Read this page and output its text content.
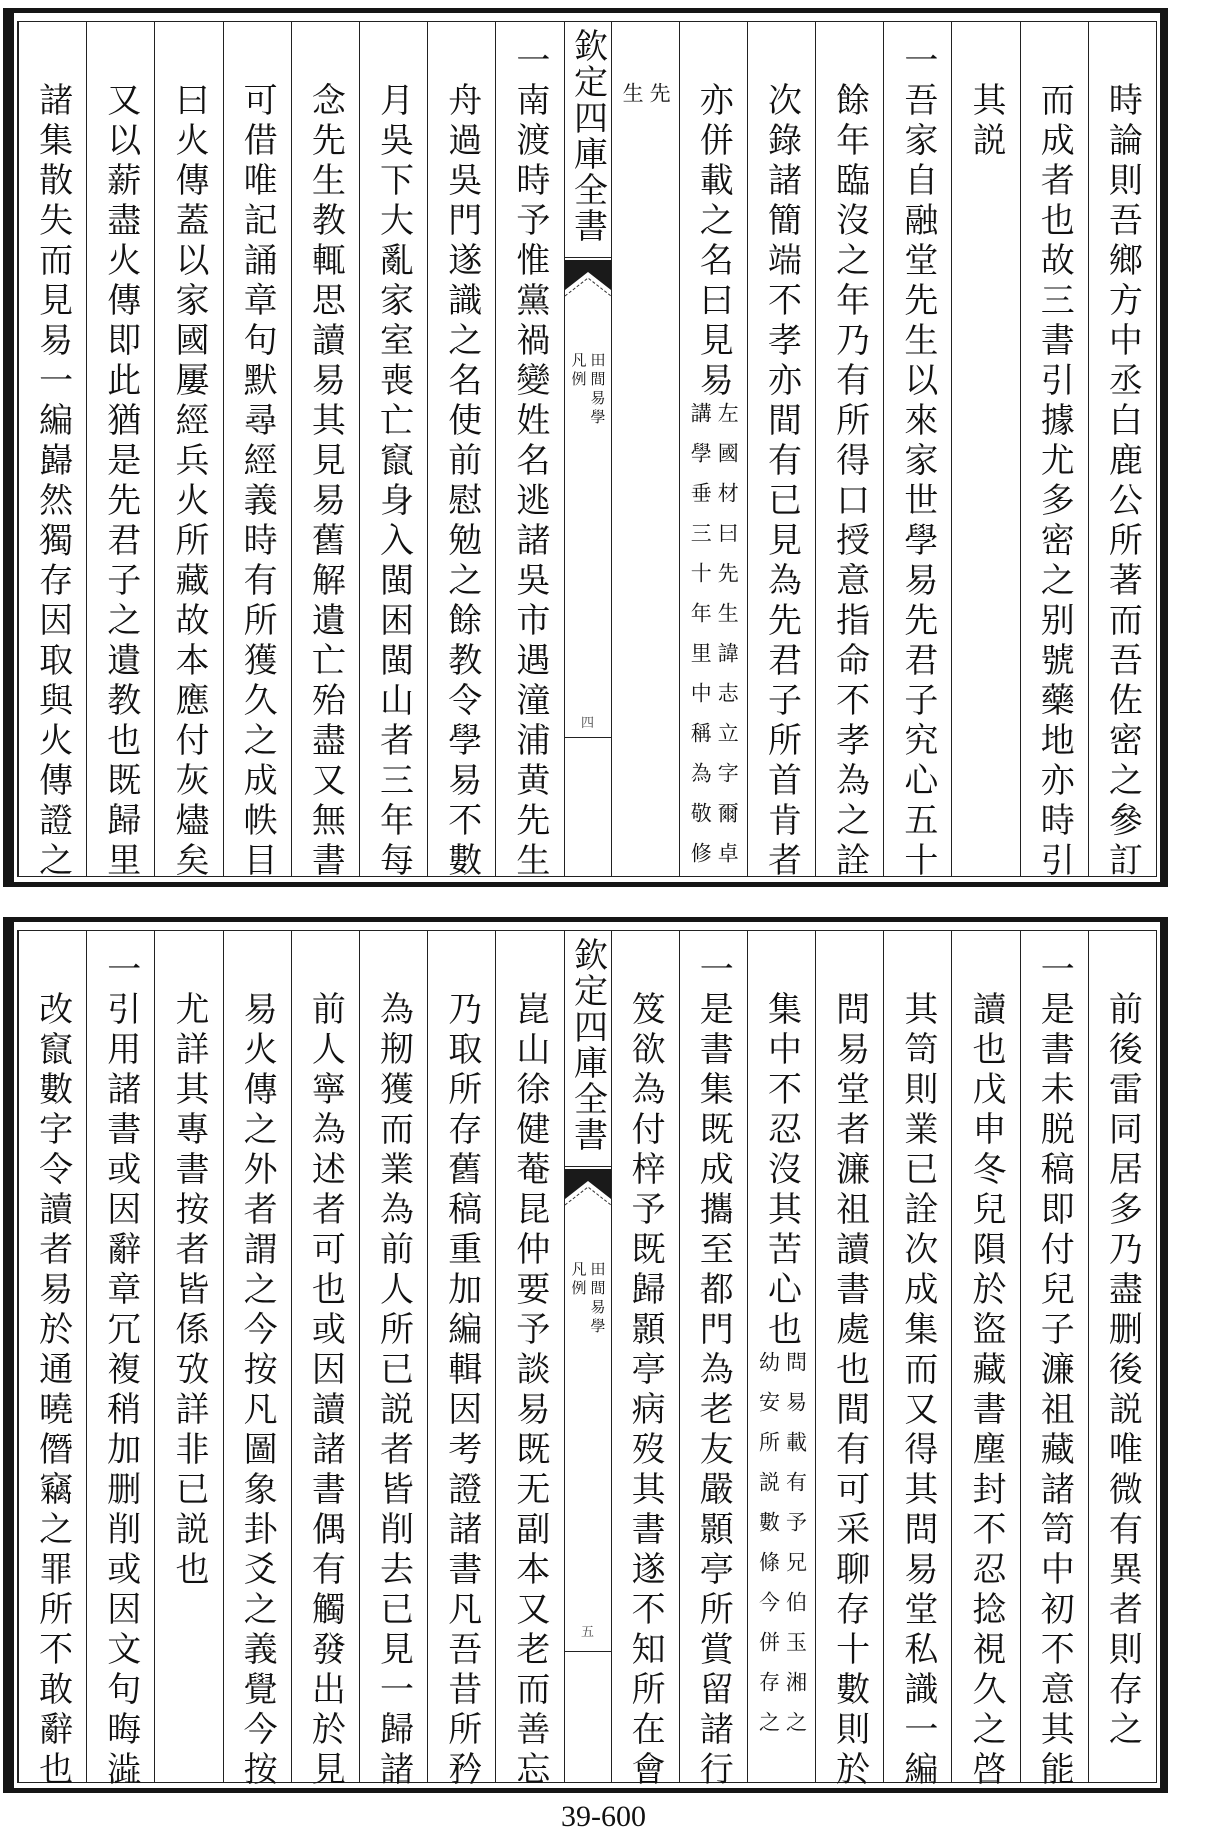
時論則吾鄉方中丞白鹿公所著而吾佐密之參訂
而成者也故三書引據尤多密之别號藥地亦時引
其説
一吾家自融堂先生以來家世學易先君子究心五十
餘年臨沒之年乃有所得口授意指命不孝為之詮
次錄諸簡端不孝亦間有已見為先君子所首肯者
亦併載之名曰見易
左國材曰先生諱志立字爾卓
講學垂三十年里中稱為敬修
先
生
欽定四庫全書
田間易學
凡例
四
一南渡時予惟黨禍變姓名逃諸吳市遇潼浦黄先生
舟過吳門遂識之名使前慰勉之餘教令學易不數
月吳下大亂家室喪亡竄身入閩困閩山者三年每
念先生教輒思讀易其見易舊解遺亡殆盡又無書
可借唯記誦章句默尋經義時有所獲久之成帙目
曰火傳蓋以家國屢經兵火所藏故本應付灰燼矣
又以薪盡火傳即此猶是先君子之遺教也既歸里
諸集散失而見易一編巋然獨存因取與火傳證之
前後雷同居多乃盡删後説唯微有異者則存之
一是書未脱稿即付兒子濂祖藏諸笥中初不意其能
讀也戊申冬兒隕於盜藏書塵封不忍捻視久之啓
其笥則業已詮次成集而又得其問易堂私識一編
問易堂者濂祖讀書處也間有可采聊存十數則於
集中不忍沒其苦心也
問易載有予兄伯玉湘之
幼安所説數條今併存之
一是書集既成攜至都門為老友嚴顥亭所賞留諸行
笈欲為付梓予既歸顥亭病歿其書遂不知所在會
欽定四庫全書
田間易學
凡例
五
崑山徐健菴昆仲要予談易既无副本又老而善忘
乃取所存舊稿重加編輯因考證諸書凡吾昔所矜
為剏獲而業為前人所已説者皆削去已見一歸諸
前人寧為述者可也或因讀諸書偶有觸發出於見
易火傳之外者謂之今按凡圖象卦爻之義覺今按
尤詳其專書按者皆係攷詳非已説也
一引用諸書或因辭章冗複稍加删削或因文句晦澁
改竄數字令讀者易於通曉僭竊之罪所不敢辭也
39-600
